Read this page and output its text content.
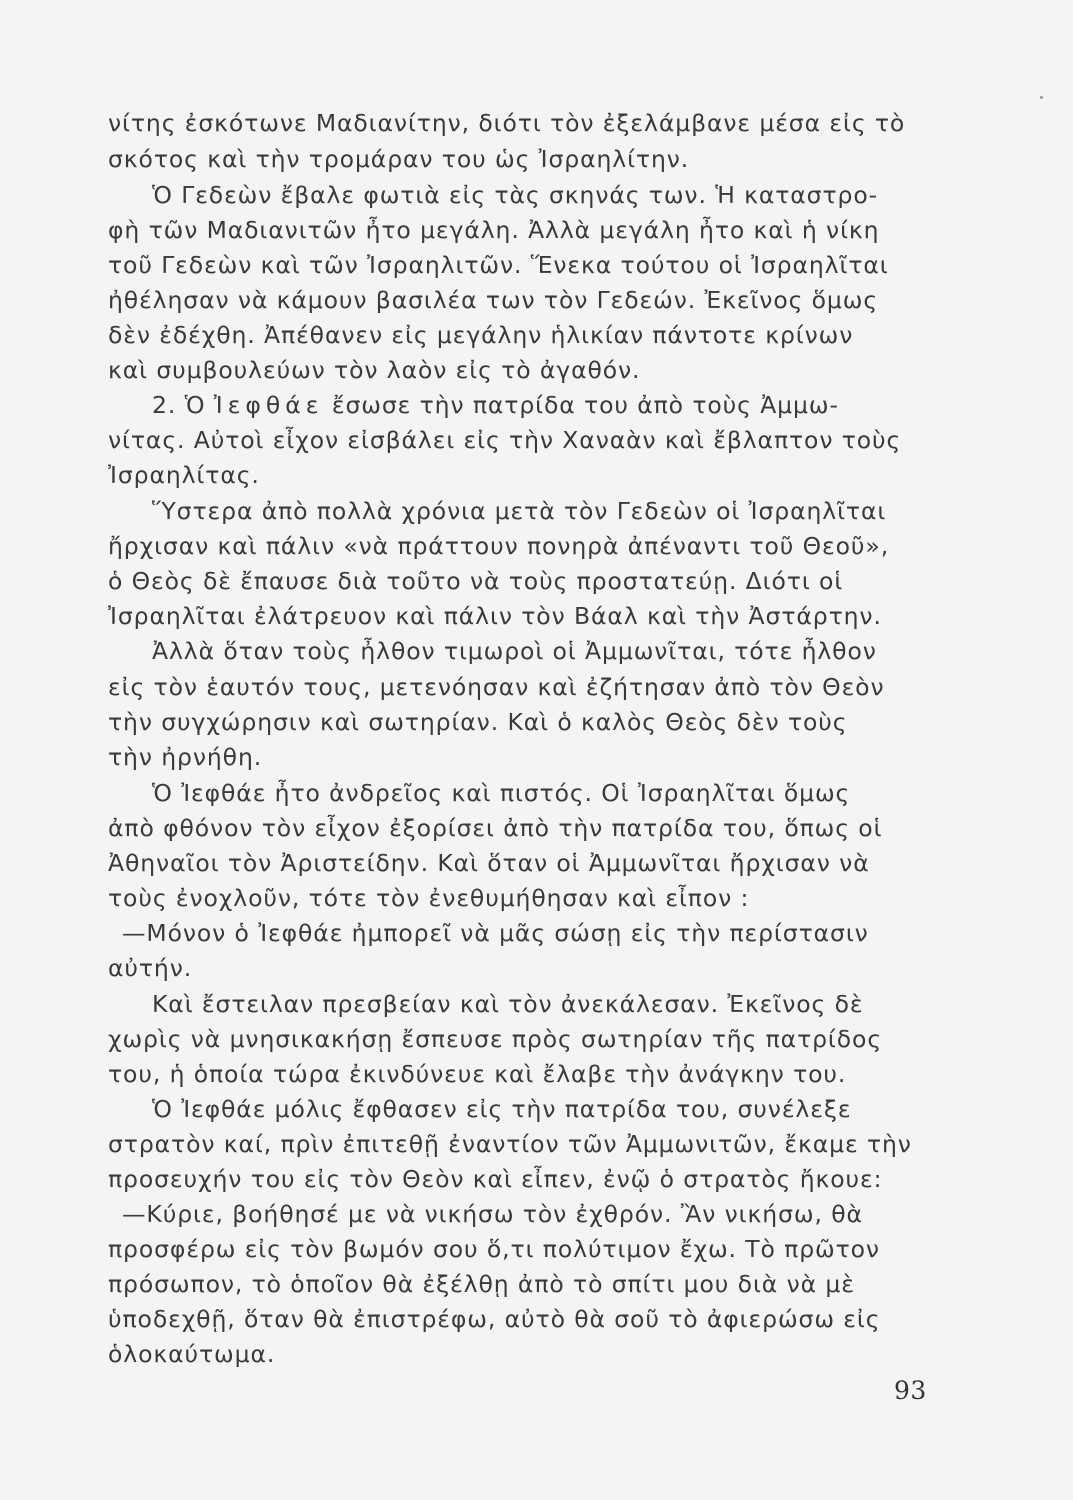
νίτης ἐσκότωνε Μαδιανίτην, διότι τὸν ἐξελάμβανε μέσα εἰς τὸ
σκότος καὶ τὴν τρομάραν του ὡς Ἰσραηλίτην.
Ὁ Γεδεὼν ἔβαλε φωτιὰ εἰς τὰς σκηνάς των. Ἡ καταστρο-
φὴ τῶν Μαδιανιτῶν ἦτο μεγάλη. Ἀλλὰ μεγάλη ἦτο καὶ ἡ νίκη
τοῦ Γεδεὼν καὶ τῶν Ἰσραηλιτῶν. Ἕνεκα τούτου οἱ Ἰσραηλῖται
ἠθέλησαν νὰ κάμουν βασιλέα των τὸν Γεδεών. Ἐκεῖνος ὅμως
δὲν ἐδέχθη. Ἀπέθανεν εἰς μεγάλην ἡλικίαν πάντοτε κρίνων
καὶ συμβουλεύων τὸν λαὸν εἰς τὸ ἀγαθόν.
2. Ὁ Ἰεφθάε ἔσωσε τὴν πατρίδα του ἀπὸ τοὺς Ἀμμω-
νίτας. Αὐτοὶ εἶχον εἰσβάλει εἰς τὴν Χαναὰν καὶ ἔβλαπτον τοὺς
Ἰσραηλίτας.
Ὕστερα ἀπὸ πολλὰ χρόνια μετὰ τὸν Γεδεὼν οἱ Ἰσραηλῖται
ἤρχισαν καὶ πάλιν «νὰ πράττουν πονηρὰ ἀπέναντι τοῦ Θεοῦ»,
ὁ Θεὸς δὲ ἔπαυσε διὰ τοῦτο νὰ τοὺς προστατεύῃ. Διότι οἱ
Ἰσραηλῖται ἐλάτρευον καὶ πάλιν τὸν Βάαλ καὶ τὴν Ἀστάρτην.
Ἀλλὰ ὅταν τοὺς ἦλθον τιμωροὶ οἱ Ἀμμωνῖται, τότε ἦλθον
εἰς τὸν ἑαυτόν τους, μετενόησαν καὶ ἐζήτησαν ἀπὸ τὸν Θεὸν
τὴν συγχώρησιν καὶ σωτηρίαν. Καὶ ὁ καλὸς Θεὸς δὲν τοὺς
τὴν ἠρνήθη.
Ὁ Ἰεφθάε ἦτο ἀνδρεῖος καὶ πιστός. Οἱ Ἰσραηλῖται ὅμως
ἀπὸ φθόνον τὸν εἶχον ἐξορίσει ἀπὸ τὴν πατρίδα του, ὅπως οἱ
Ἀθηναῖοι τὸν Ἀριστείδην. Καὶ ὅταν οἱ Ἀμμωνῖται ἤρχισαν νὰ
τοὺς ἐνοχλοῦν, τότε τὸν ἐνεθυμήθησαν καὶ εἶπον :
—Μόνον ὁ Ἰεφθάε ἠμπορεῖ νὰ μᾶς σώσῃ εἰς τὴν περίστασιν
αὐτήν.
Καὶ ἔστειλαν πρεσβείαν καὶ τὸν ἀνεκάλεσαν. Ἐκεῖνος δὲ
χωρὶς νὰ μνησικακήσῃ ἔσπευσε πρὸς σωτηρίαν τῆς πατρίδος
του, ἡ ὁποία τώρα ἐκινδύνευε καὶ ἔλαβε τὴν ἀνάγκην του.
Ὁ Ἰεφθάε μόλις ἔφθασεν εἰς τὴν πατρίδα του, συνέλεξε
στρατὸν καί, πρὶν ἐπιτεθῇ ἐναντίον τῶν Ἀμμωνιτῶν, ἔκαμε τὴν
προσευχήν του εἰς τὸν Θεὸν καὶ εἶπεν, ἐνῷ ὁ στρατὸς ἤκουε:
—Κύριε, βοήθησέ με νὰ νικήσω τὸν ἐχθρόν. Ἂν νικήσω, θὰ
προσφέρω εἰς τὸν βωμόν σου ὅ,τι πολύτιμον ἔχω. Τὸ πρῶτον
πρόσωπον, τὸ ὁποῖον θὰ ἐξέλθῃ ἀπὸ τὸ σπίτι μου διὰ νὰ μὲ
ὑποδεχθῇ, ὅταν θὰ ἐπιστρέφω, αὐτὸ θὰ σοῦ τὸ ἀφιερώσω εἰς
ὁλοκαύτωμα.
93
